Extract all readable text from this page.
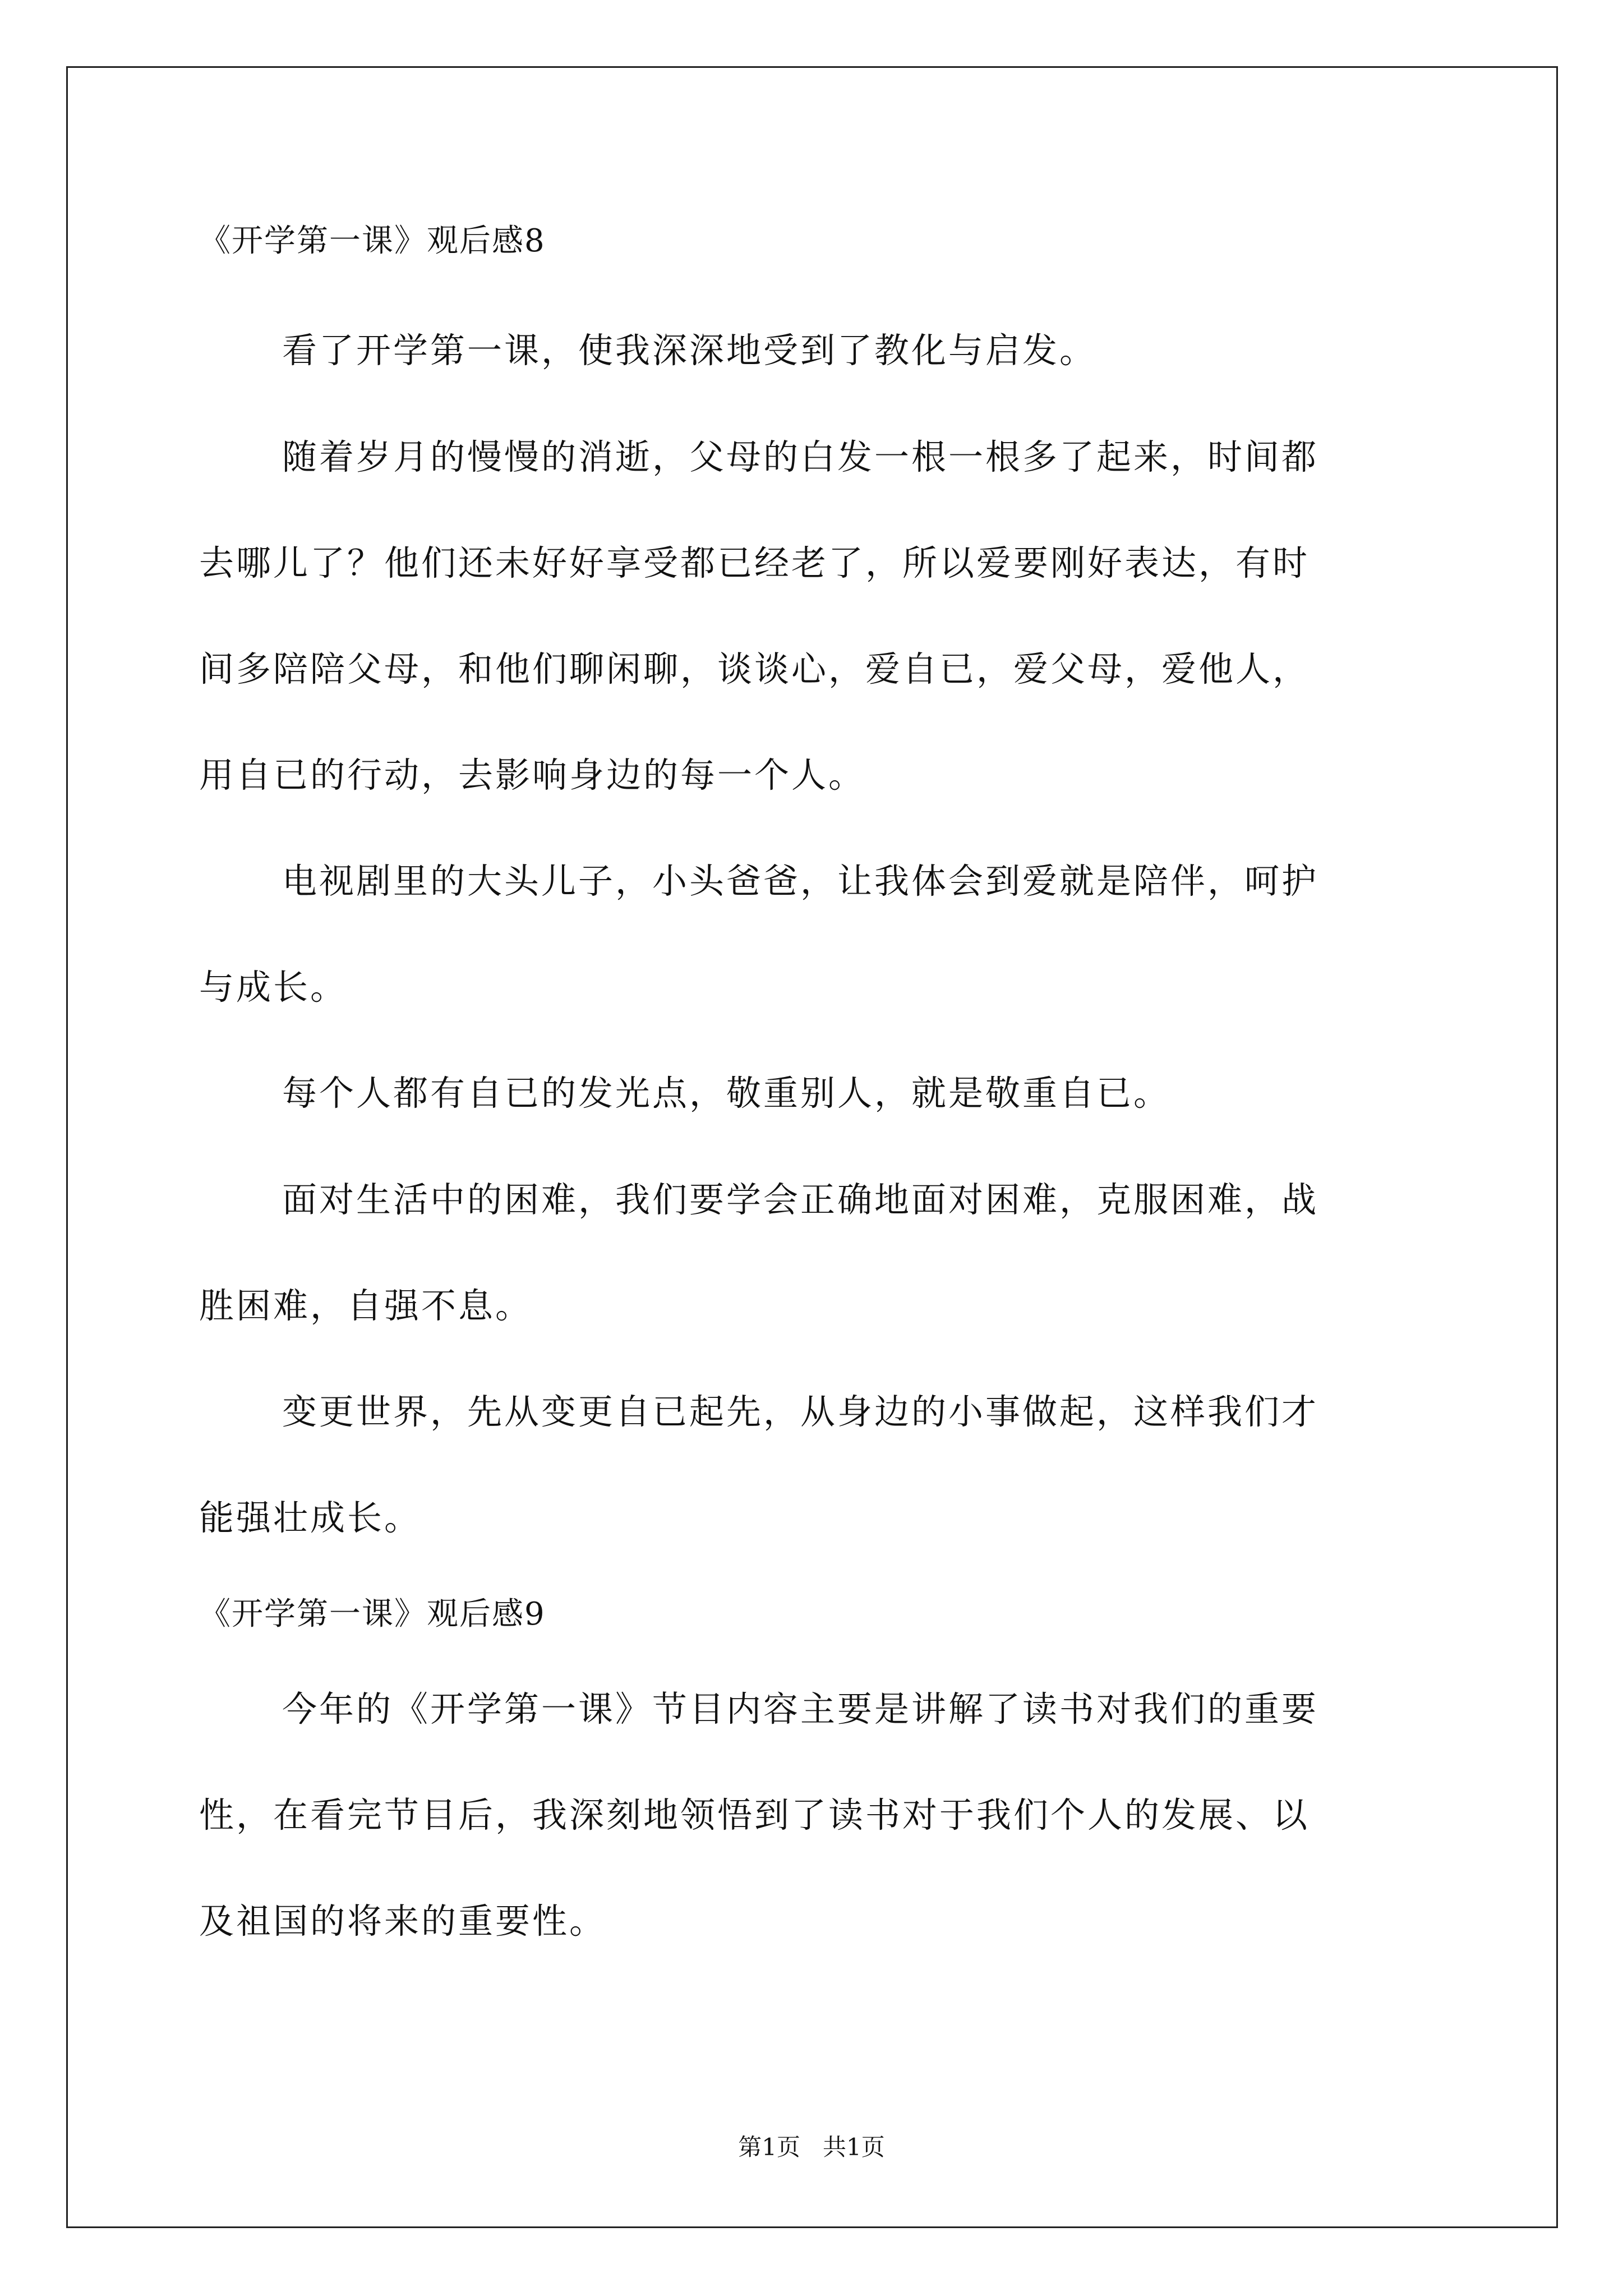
《开学第一课》观后感8

看了开学第一课，使我深深地受到了教化与启发。

随着岁月的慢慢的消逝，父母的白发一根一根多了起来，时间都
去哪儿了？他们还未好好享受都已经老了，所以爱要刚好表达，有时
间多陪陪父母，和他们聊闲聊，谈谈心，爱自已，爱父母，爱他人，
用自已的行动，去影响身边的每一个人。

电视剧里的大头儿子，小头爸爸，让我体会到爱就是陪伴，呵护
与成长。

每个人都有自已的发光点，敬重别人，就是敬重自已。

面对生活中的困难，我们要学会正确地面对困难，克服困难，战
胜困难，自强不息。

变更世界，先从变更自已起先，从身边的小事做起，这样我们才
能强壮成长。

《开学第一课》观后感9

今年的《开学第一课》节目内容主要是讲解了读书对我们的重要
性，在看完节目后，我深刻地领悟到了读书对于我们个人的发展、以
及祖国的将来的重要性。

第1页   共1页
